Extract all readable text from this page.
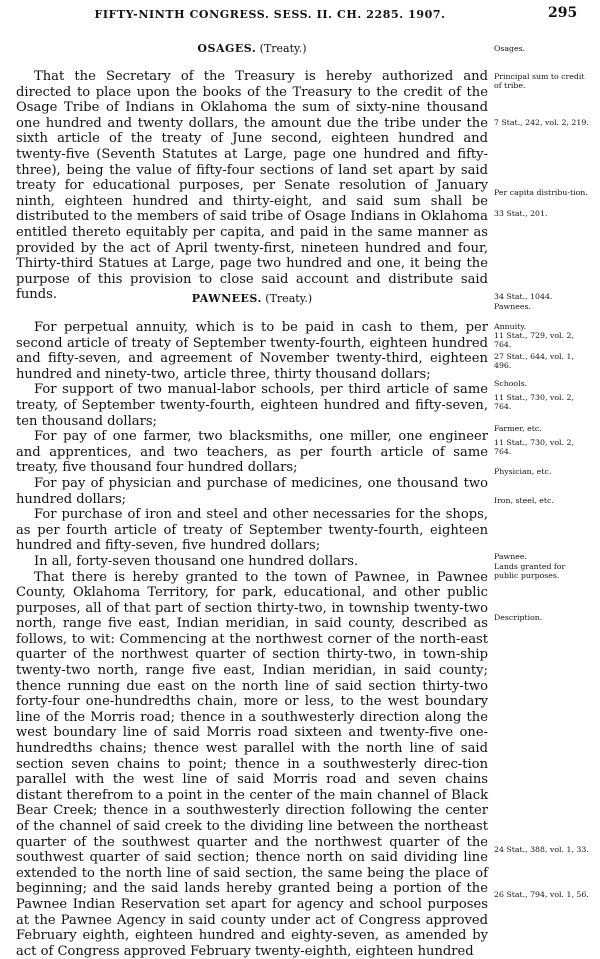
FIFTY-NINTH CONGRESS. SESS. II. CH. 2285. 1907.	295
OSAGES. (Treaty.)

That the Secretary of the Treasury is hereby authorized and directed to place upon the books of the Treasury to the credit of the Osage Tribe of Indians in Oklahoma the sum of sixty-nine thousand one hundred and twenty dollars, the amount due the tribe under the sixth article of the treaty of June second, eighteen hundred and twenty-five (Seventh Statutes at Large, page one hundred and fifty-three), being the value of fifty-four sections of land set apart by said treaty for educational purposes, per Senate resolution of January ninth, eighteen hundred and thirty-eight, and said sum shall be distributed to the members of said tribe of Osage Indians in Oklahoma entitled thereto equitably per capita, and paid in the same manner as provided by the act of April twenty-first, nineteen hundred and four, Thirty-third Statues at Large, page two hundred and one, it being the purpose of this provision to close said account and distribute said funds.	PAWNEES. (Treaty.)

For perpetual annuity, which is to be paid in cash to them, per second article of treaty of September twenty-fourth, eighteen hundred and fifty-seven, and agreement of November twenty-third, eighteen hundred and ninety-two, article three, thirty thousand dollars;

For support of two manual-labor schools, per third article of same treaty, of September twenty-fourth, eighteen hundred and fifty-seven, ten thousand dollars;

For pay of one farmer, two blacksmiths, one miller, one engineer and apprentices, and two teachers, as per fourth article of same treaty, five thousand four hundred dollars;

For pay of physician and purchase of medicines, one thousand two hundred dollars;

For purchase of iron and steel and other necessaries for the shops, as per fourth article of treaty of September twenty-fourth, eighteen hundred and fifty-seven, five hundred dollars;

In all, forty-seven thousand one hundred dollars.

That there is hereby granted to the town of Pawnee, in Pawnee County, Oklahoma Territory, for park, educational, and other public purposes, all of that part of section thirty-two, in township twenty-two north, range five east, Indian meridian, in said county, described as follows, to wit: Commencing at the northwest corner of the north-east quarter of the northwest quarter of section thirty-two, in town-ship twenty-two north, range five east, Indian meridian, in said county; thence running due east on the north line of said section thirty-two forty-four one-hundredths chain, more or less, to the west boundary line of the Morris road; thence in a southwesterly direction along the west boundary line of said Morris road sixteen and twenty-five one-hundredths chains; thence west parallel with the north line of said section seven chains to point; thence in a southwesterly direc-tion parallel with the west line of said Morris road and seven chains distant therefrom to a point in the center of the main channel of Black Bear Creek; thence in a southwesterly direction following the center of the channel of said creek to the dividing line between the northeast quarter of the southwest quarter and the northwest quarter of the southwest quarter of said section; thence north on said dividing line extended to the north line of said section, the same being the place of beginning; and the said lands hereby granted being a portion of the Pawnee Indian Reservation set apart for agency and school purposes at the Pawnee Agency in said county under act of Congress approved February eighth, eighteen hundred and eighty-seven, as amended by act of Congress approved February twenty-eighth, eighteen hundred

Osages.
Principal sum to credit of tribe.
7 Stat., 242, vol. 2, 219.
Per capita distribu-tion.
33 Stat., 201.
34 Stat., 1044.
Pawnees.
Annuity.
11 Stat., 729, vol. 2, 764.
27 Stat., 644, vol. 1, 496.
Schools.
11 Stat., 730, vol. 2, 764.
Farmer, etc.
11 Stat., 730, vol. 2, 764.
Physician, etc.
Iron, steel, etc.
Pawnee.
Lands granted for public purposes.
Description.
24 Stat., 388, vol. 1, 33.
26 Stat., 794, vol. 1, 56.
